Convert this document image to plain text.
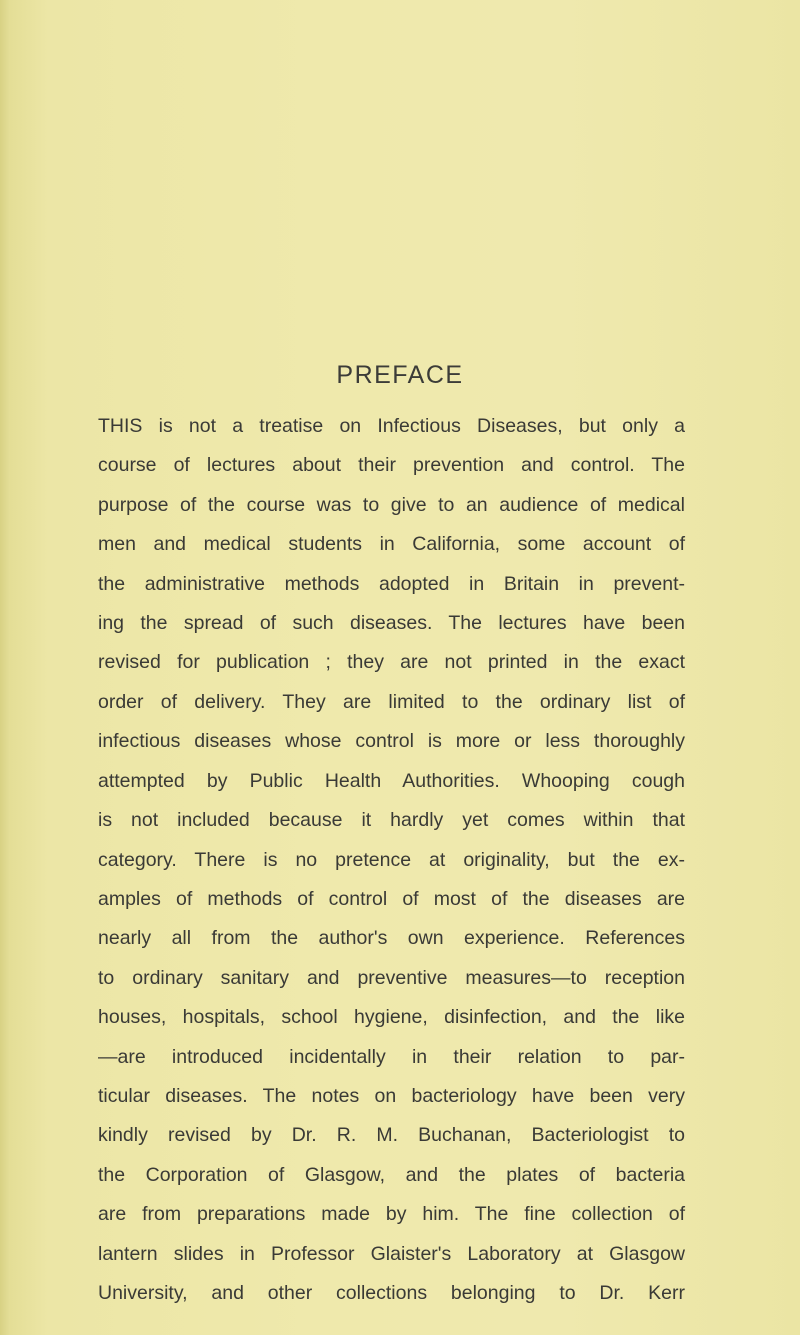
PREFACE
THIS is not a treatise on Infectious Diseases, but only a
course of lectures about their prevention and control. The
purpose of the course was to give to an audience of medical
men and medical students in California, some account of
the administrative methods adopted in Britain in prevent-
ing the spread of such diseases. The lectures have been
revised for publication ; they are not printed in the exact
order of delivery. They are limited to the ordinary list of
infectious diseases whose control is more or less thoroughly
attempted by Public Health Authorities. Whooping cough
is not included because it hardly yet comes within that
category. There is no pretence at originality, but the ex-
amples of methods of control of most of the diseases are
nearly all from the author's own experience. References
to ordinary sanitary and preventive measures—to reception
houses, hospitals, school hygiene, disinfection, and the like
—are introduced incidentally in their relation to par-
ticular diseases. The notes on bacteriology have been very
kindly revised by Dr. R. M. Buchanan, Bacteriologist to
the Corporation of Glasgow, and the plates of bacteria
are from preparations made by him. The fine collection of
lantern slides in Professor Glaister's Laboratory at Glasgow
University, and other collections belonging to Dr. Kerr
